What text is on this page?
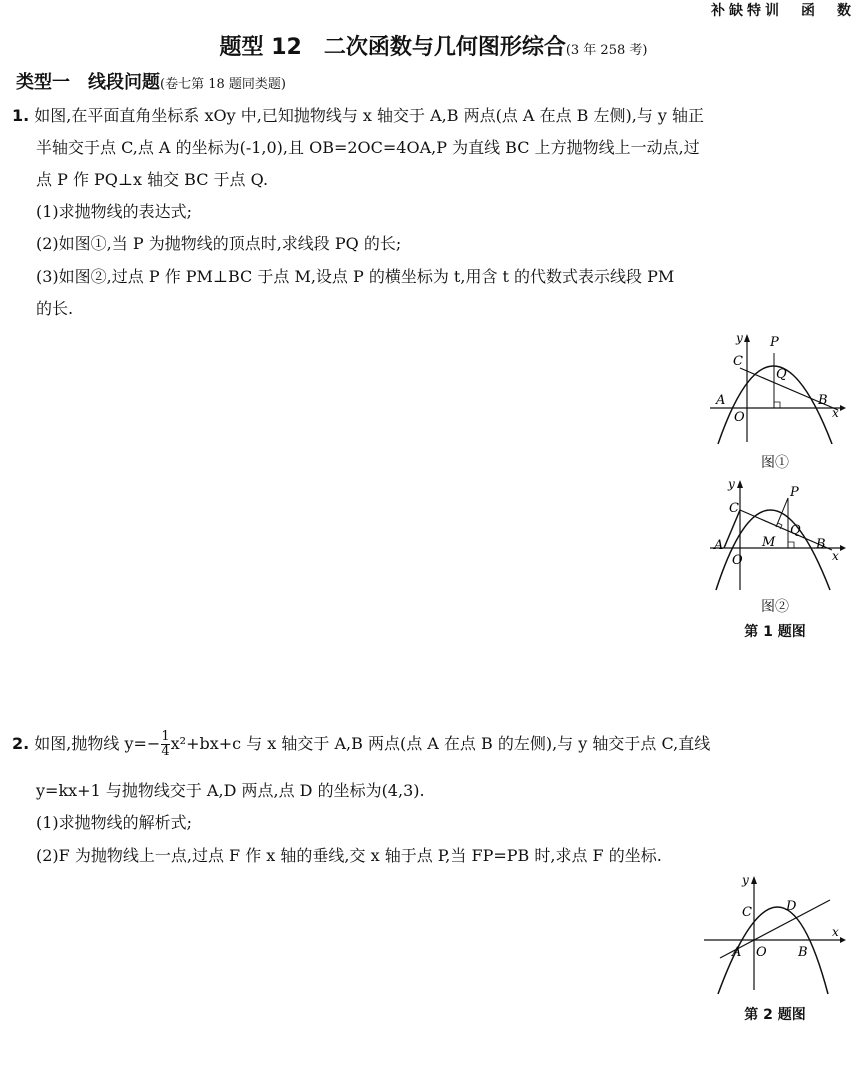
补缺特训　 函　数
题型 12　二次函数与几何图形综合(3 年 258 考)
类型一　线段问题(卷七第 18 题同类题)
1. 如图,在平面直角坐标系 xOy 中,已知抛物线与 x 轴交于 A,B 两点(点 A 在点 B 左侧),与 y 轴正
半轴交于点 C,点 A 的坐标为(-1,0),且 OB=2OC=4OA,P 为直线 BC 上方抛物线上一动点,过
点 P 作 PQ⊥x 轴交 BC 于点 Q.
(1)求抛物线的表达式;
(2)如图①,当 P 为抛物线的顶点时,求线段 PQ 的长;
(3)如图②,过点 P 作 PM⊥BC 于点 M,设点 P 的横坐标为 t,用含 t 的代数式表示线段 PM
的长.
y P
C
Q
A
O
B
x
图①
y
P
C
Q
M
A
O
B
x
图②
第 1 题图
2. 如图,抛物线 $y=- \frac{1}{4} x^2+bx+c$ 与 x 轴交于 A,B 两点(点 A 在点 B 的左侧),与 y 轴交于点 C,直线
y=kx+1 与抛物线交于 A,D 两点,点 D 的坐标为(4,3).
(1)求抛物线的解析式;
(2)F 为抛物线上一点,过点 F 作 x 轴的垂线,交 x 轴于点 P,当 FP=PB 时,求点 F 的坐标.
y
D
C
A O B
x
第 2 题图
